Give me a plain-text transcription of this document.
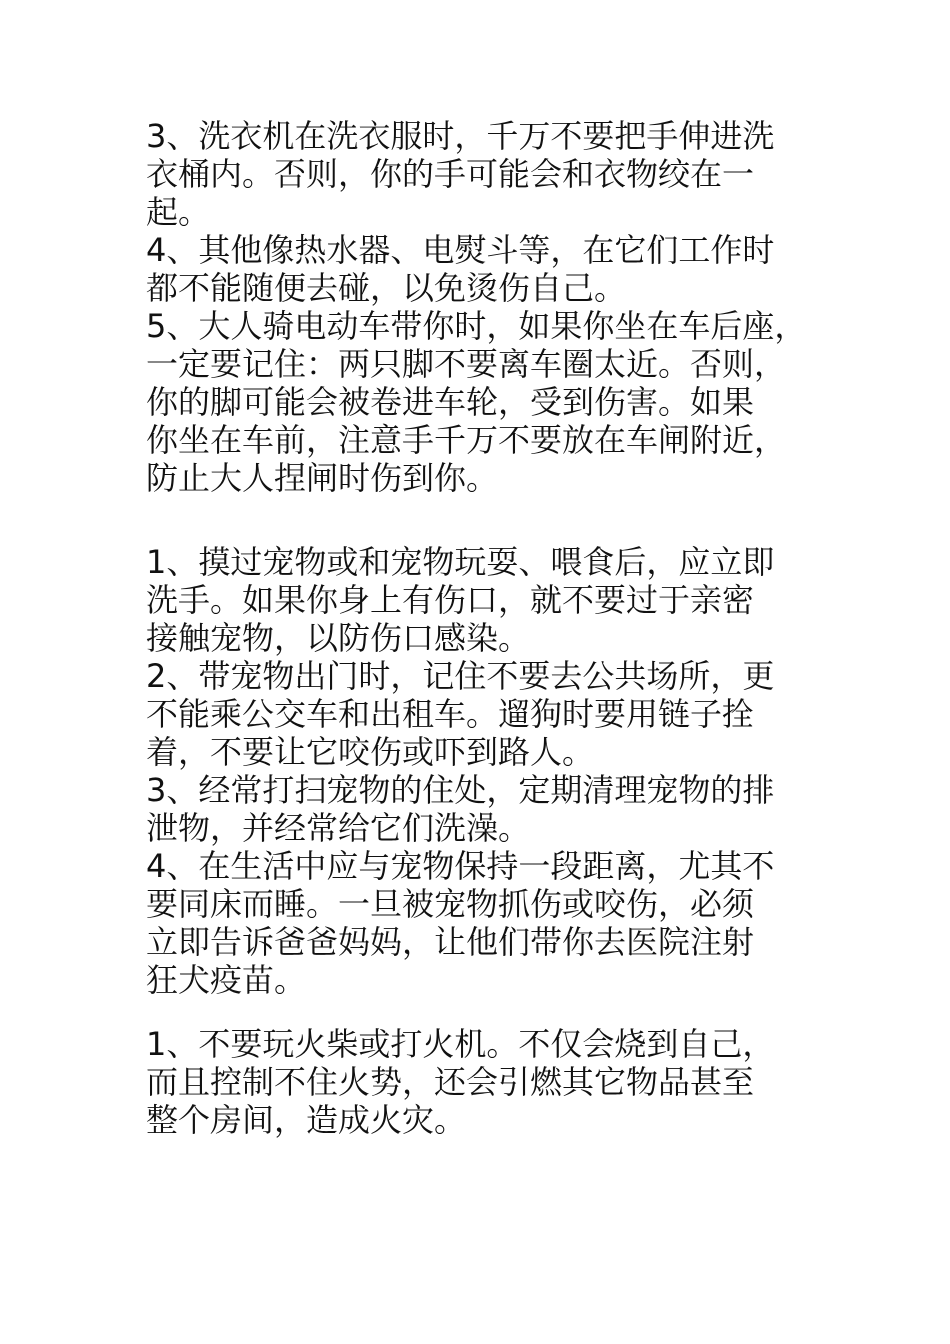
3、洗衣机在洗衣服时，千万不要把手伸进洗
衣桶内。否则，你的手可能会和衣物绞在一
起。

4、其他像热水器、电熨斗等，在它们工作时
都不能随便去碰，以免烫伤自己。

5、大人骑电动车带你时，如果你坐在车后座，
一定要记住：两只脚不要离车圈太近。否则，
你的脚可能会被卷进车轮，受到伤害。如果
你坐在车前，注意手千万不要放在车闸附近，
防止大人捏闸时伤到你。

1、摸过宠物或和宠物玩耍、喂食后，应立即
洗手。如果你身上有伤口，就不要过于亲密
接触宠物，以防伤口感染。

2、带宠物出门时，记住不要去公共场所，更
不能乘公交车和出租车。遛狗时要用链子拴
着，不要让它咬伤或吓到路人。

3、经常打扫宠物的住处，定期清理宠物的排
泄物，并经常给它们洗澡。

4、在生活中应与宠物保持一段距离，尤其不
要同床而睡。一旦被宠物抓伤或咬伤，必须
立即告诉爸爸妈妈，让他们带你去医院注射
狂犬疫苗。

1、不要玩火柴或打火机。不仅会烧到自己，
而且控制不住火势，还会引燃其它物品甚至
整个房间，造成火灾。
